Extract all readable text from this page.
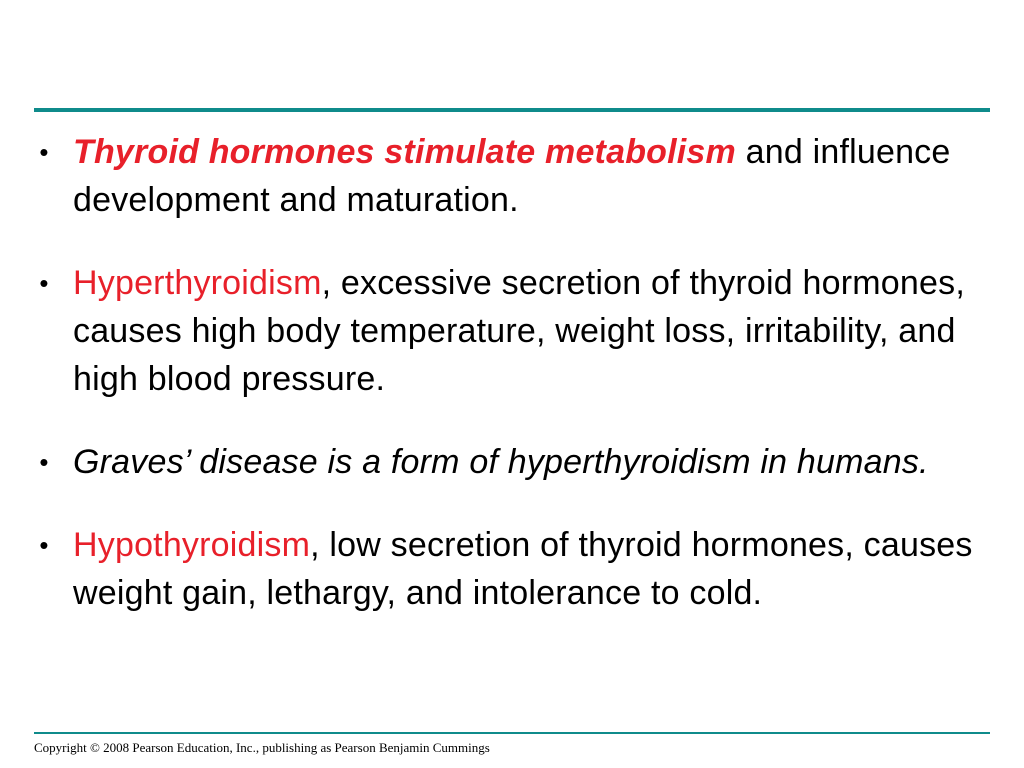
• Thyroid hormones stimulate metabolism and influence development and maturation.
• Hyperthyroidism, excessive secretion of thyroid hormones, causes high body temperature, weight loss, irritability, and high blood pressure.
• Graves’ disease is a form of hyperthyroidism in humans.
• Hypothyroidism, low secretion of thyroid hormones, causes weight gain, lethargy, and intolerance to cold.
Copyright © 2008 Pearson Education, Inc., publishing as Pearson Benjamin Cummings
